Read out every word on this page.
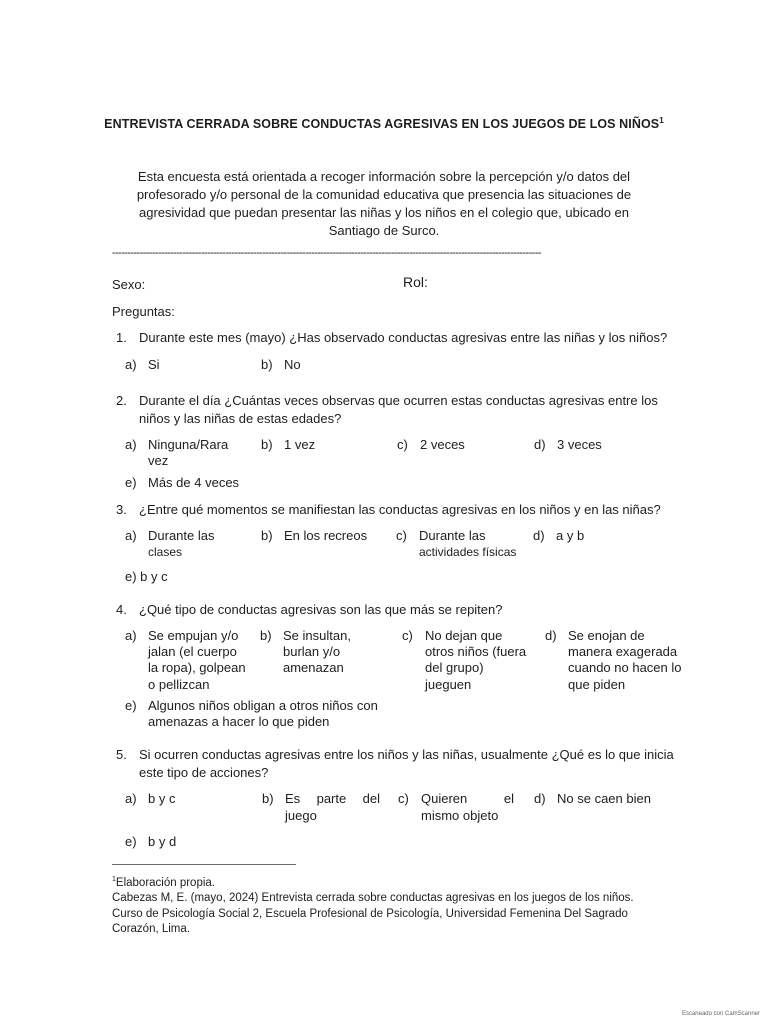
ENTREVISTA CERRADA SOBRE CONDUCTAS AGRESIVAS EN LOS JUEGOS DE LOS NIÑOS$^1$
Esta encuesta está orientada a recoger información sobre la percepción y/o datos del profesorado y/o personal de la comunidad educativa que presencia las situaciones de agresividad que puedan presentar las niñas y los niños en el colegio que, ubicado en Santiago de Surco.
--------------------------------------------------------------------------------------------------------------------------------------------
Sexo:	Rol:
Preguntas:
1. Durante este mes (mayo) ¿Has observado conductas agresivas entre las niñas y los niños?
a) Si	b) No
2. Durante el día ¿Cuántas veces observas que ocurren estas conductas agresivas entre los
niños y las niñas de estas edades?
a) Ninguna/Rara
vez
b) 1 vez	c) 2 veces	d) 3 veces
e) Más de 4 veces
3. ¿Entre qué momentos se manifiestan las conductas agresivas en los niños y en las niñas?
a) Durante las
clases
b) En los recreos c) Durante las
actividades físicas
d) a y b
e) b y c
4. ¿Qué tipo de conductas agresivas son las que más se repiten?
a) Se empujan y/o
jalan (el cuerpo
la ropa), golpean
o pellizcan
b) Se insultan,
burlan y/o
amenazan
c) No dejan que
otros niños (fuera
del grupo)
jueguen
d) Se enojan de
manera exagerada
cuando no hacen lo
que piden
e) Algunos niños obligan a otros niños con
amenazas a hacer lo que piden
5. Si ocurren conductas agresivas entre los niños y las niñas, usualmente ¿Qué es lo que inicia
este tipo de acciones?
a) b y c	b) Es parte del
juego
c) Quieren el
mismo objeto
d) No se caen bien
e) b y d
$^1$Elaboración propia.
Cabezas M, E. (mayo, 2024) Entrevista cerrada sobre conductas agresivas en los juegos de los niños.
Curso de Psicología Social 2, Escuela Profesional de Psicología, Universidad Femenina Del Sagrado
Corazón, Lima.
Escaneado con CamScanner
